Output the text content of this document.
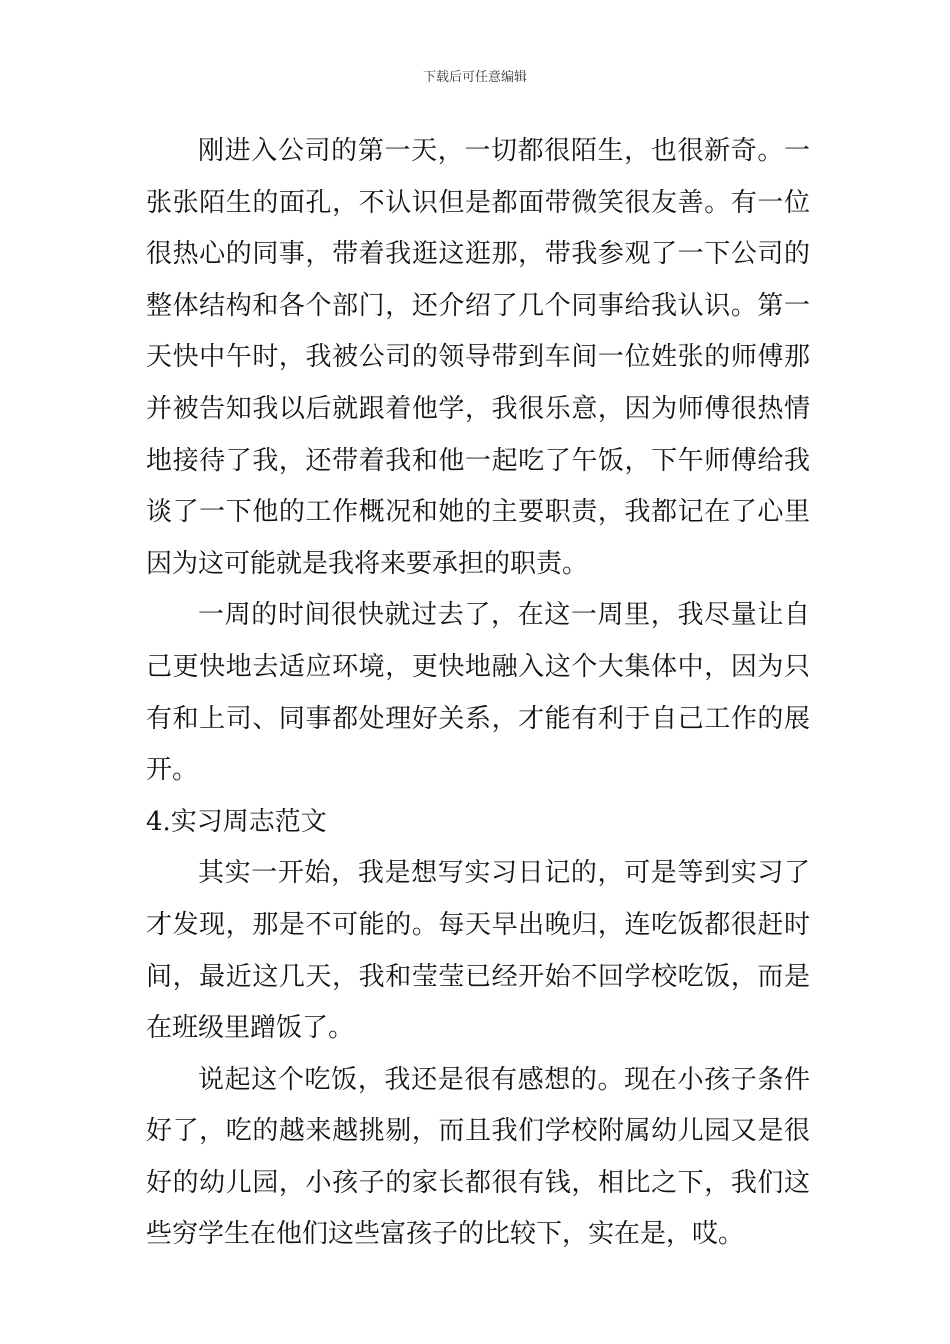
下载后可任意编辑

刚进入公司的第一天，一切都很陌生，也很新奇。一张张陌生的面孔，不认识但是都面带微笑很友善。有一位很热心的同事，带着我逛这逛那，带我参观了一下公司的整体结构和各个部门，还介绍了几个同事给我认识。第一天快中午时，我被公司的领导带到车间一位姓张的师傅那并被告知我以后就跟着他学，我很乐意，因为师傅很热情地接待了我，还带着我和他一起吃了午饭，下午师傅给我谈了一下他的工作概况和她的主要职责，我都记在了心里因为这可能就是我将来要承担的职责。

一周的时间很快就过去了，在这一周里，我尽量让自己更快地去适应环境，更快地融入这个大集体中，因为只有和上司、同事都处理好关系，才能有利于自己工作的展开。

4.实习周志范文

其实一开始，我是想写实习日记的，可是等到实习了才发现，那是不可能的。每天早出晚归，连吃饭都很赶时间，最近这几天，我和莹莹已经开始不回学校吃饭，而是在班级里蹭饭了。

说起这个吃饭，我还是很有感想的。现在小孩子条件好了，吃的越来越挑剔，而且我们学校附属幼儿园又是很好的幼儿园，小孩子的家长都很有钱，相比之下，我们这些穷学生在他们这些富孩子的比较下，实在是，哎。
